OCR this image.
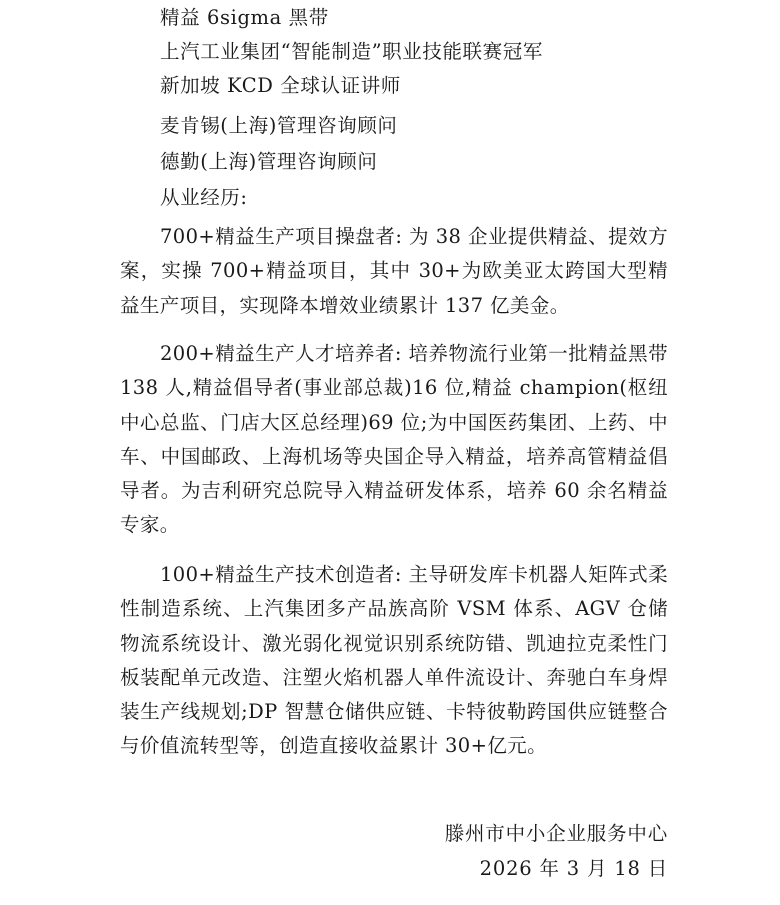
精益 6sigma 黑带
上汽工业集团“智能制造”职业技能联赛冠军
新加坡 KCD 全球认证讲师
麦肯锡(上海)管理咨询顾问
德勤(上海)管理咨询顾问
从业经历:
700+精益生产项目操盘者: 为 38 企业提供精益、提效方案，实操 700+精益项目，其中 30+为欧美亚太跨国大型精益生产项目，实现降本增效业绩累计 137 亿美金。
200+精益生产人才培养者: 培养物流行业第一批精益黑带 138 人,精益倡导者(事业部总裁)16 位,精益 champion(枢纽中心总监、门店大区总经理)69 位;为中国医药集团、上药、中车、中国邮政、上海机场等央国企导入精益，培养高管精益倡导者。为吉利研究总院导入精益研发体系，培养 60 余名精益专家。
100+精益生产技术创造者: 主导研发库卡机器人矩阵式柔性制造系统、上汽集团多产品族高阶 VSM 体系、AGV 仓储物流系统设计、激光弱化视觉识别系统防错、凯迪拉克柔性门板装配单元改造、注塑火焰机器人单件流设计、奔驰白车身焊装生产线规划;DP 智慧仓储供应链、卡特彼勒跨国供应链整合与价值流转型等，创造直接收益累计 30+亿元。
滕州市中小企业服务中心
2026 年 3 月 18 日
